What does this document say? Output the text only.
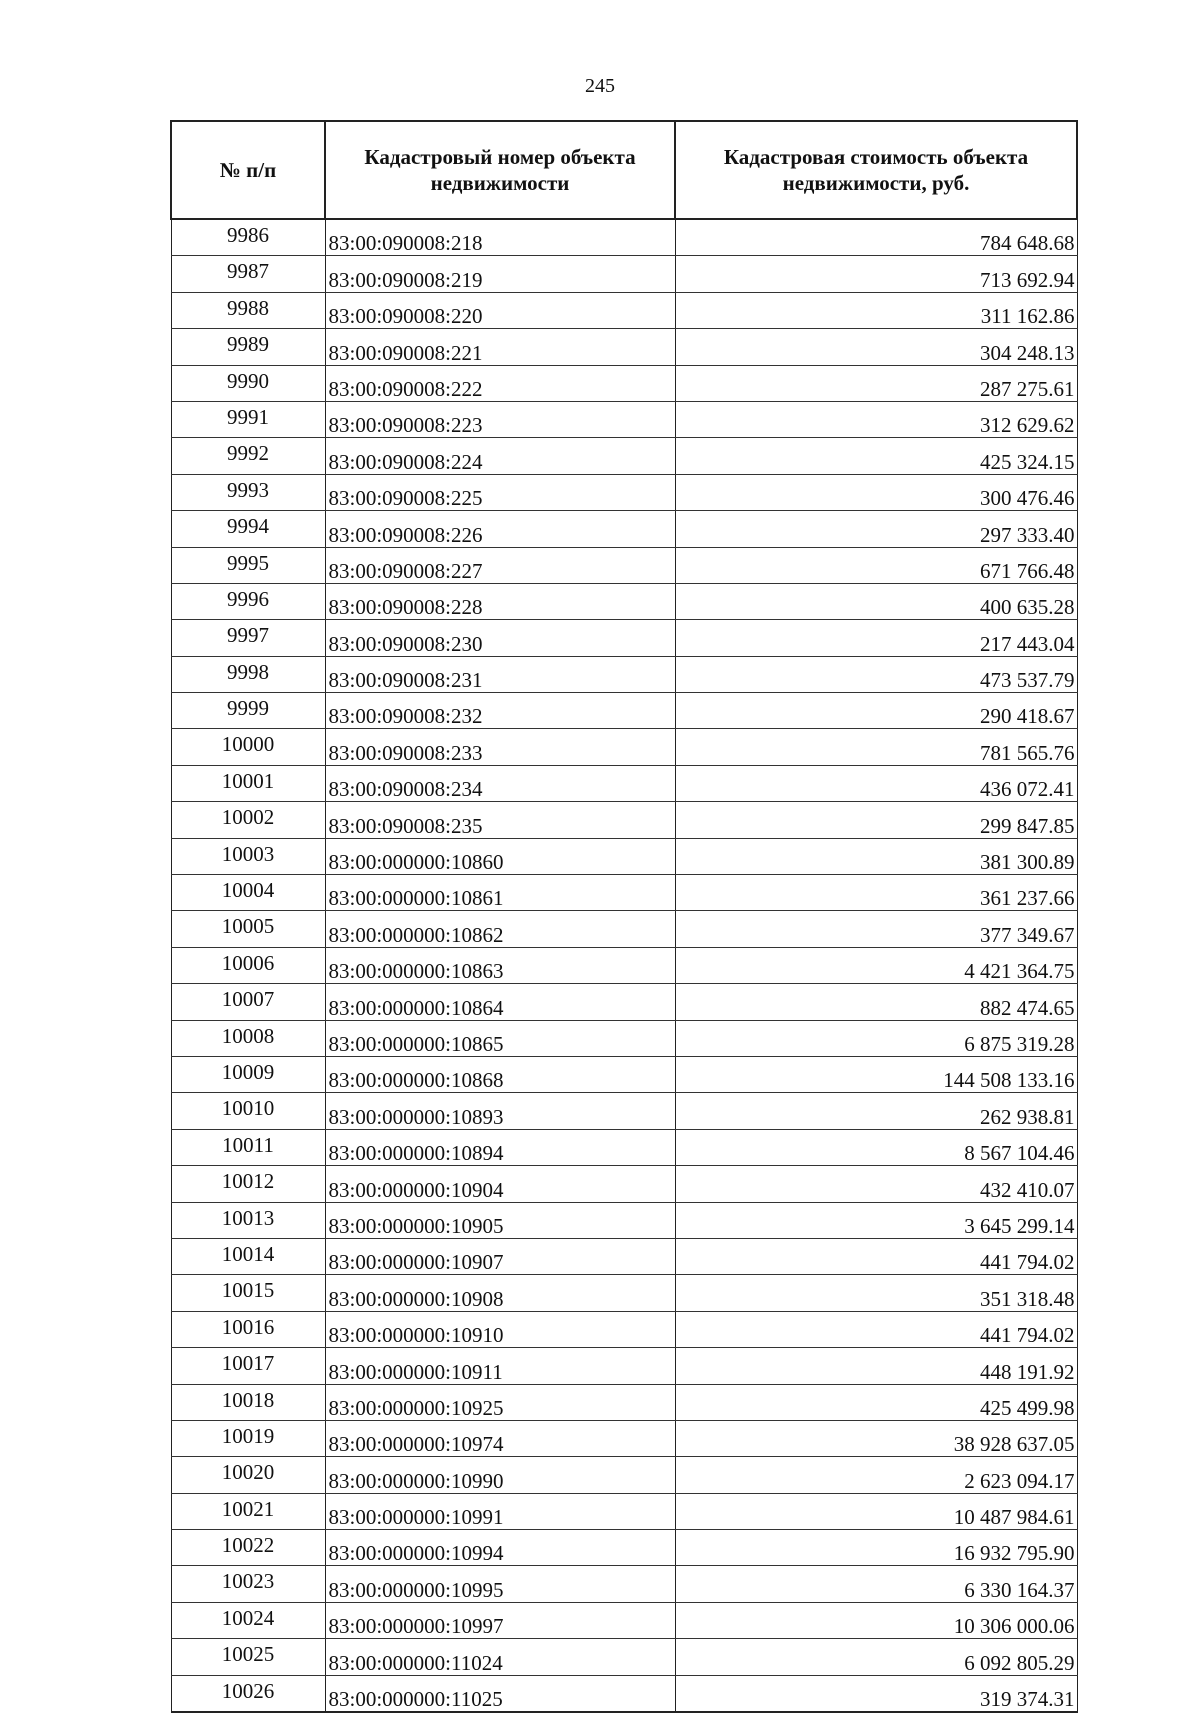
245
№ п/п	Кадастровый номер объекта недвижимости	Кадастровая стоимость объекта недвижимости, руб.
9986	83:00:090008:218	784 648.68
9987	83:00:090008:219	713 692.94
9988	83:00:090008:220	311 162.86
9989	83:00:090008:221	304 248.13
9990	83:00:090008:222	287 275.61
9991	83:00:090008:223	312 629.62
9992	83:00:090008:224	425 324.15
9993	83:00:090008:225	300 476.46
9994	83:00:090008:226	297 333.40
9995	83:00:090008:227	671 766.48
9996	83:00:090008:228	400 635.28
9997	83:00:090008:230	217 443.04
9998	83:00:090008:231	473 537.79
9999	83:00:090008:232	290 418.67
10000	83:00:090008:233	781 565.76
10001	83:00:090008:234	436 072.41
10002	83:00:090008:235	299 847.85
10003	83:00:000000:10860	381 300.89
10004	83:00:000000:10861	361 237.66
10005	83:00:000000:10862	377 349.67
10006	83:00:000000:10863	4 421 364.75
10007	83:00:000000:10864	882 474.65
10008	83:00:000000:10865	6 875 319.28
10009	83:00:000000:10868	144 508 133.16
10010	83:00:000000:10893	262 938.81
10011	83:00:000000:10894	8 567 104.46
10012	83:00:000000:10904	432 410.07
10013	83:00:000000:10905	3 645 299.14
10014	83:00:000000:10907	441 794.02
10015	83:00:000000:10908	351 318.48
10016	83:00:000000:10910	441 794.02
10017	83:00:000000:10911	448 191.92
10018	83:00:000000:10925	425 499.98
10019	83:00:000000:10974	38 928 637.05
10020	83:00:000000:10990	2 623 094.17
10021	83:00:000000:10991	10 487 984.61
10022	83:00:000000:10994	16 932 795.90
10023	83:00:000000:10995	6 330 164.37
10024	83:00:000000:10997	10 306 000.06
10025	83:00:000000:11024	6 092 805.29
10026	83:00:000000:11025	319 374.31
